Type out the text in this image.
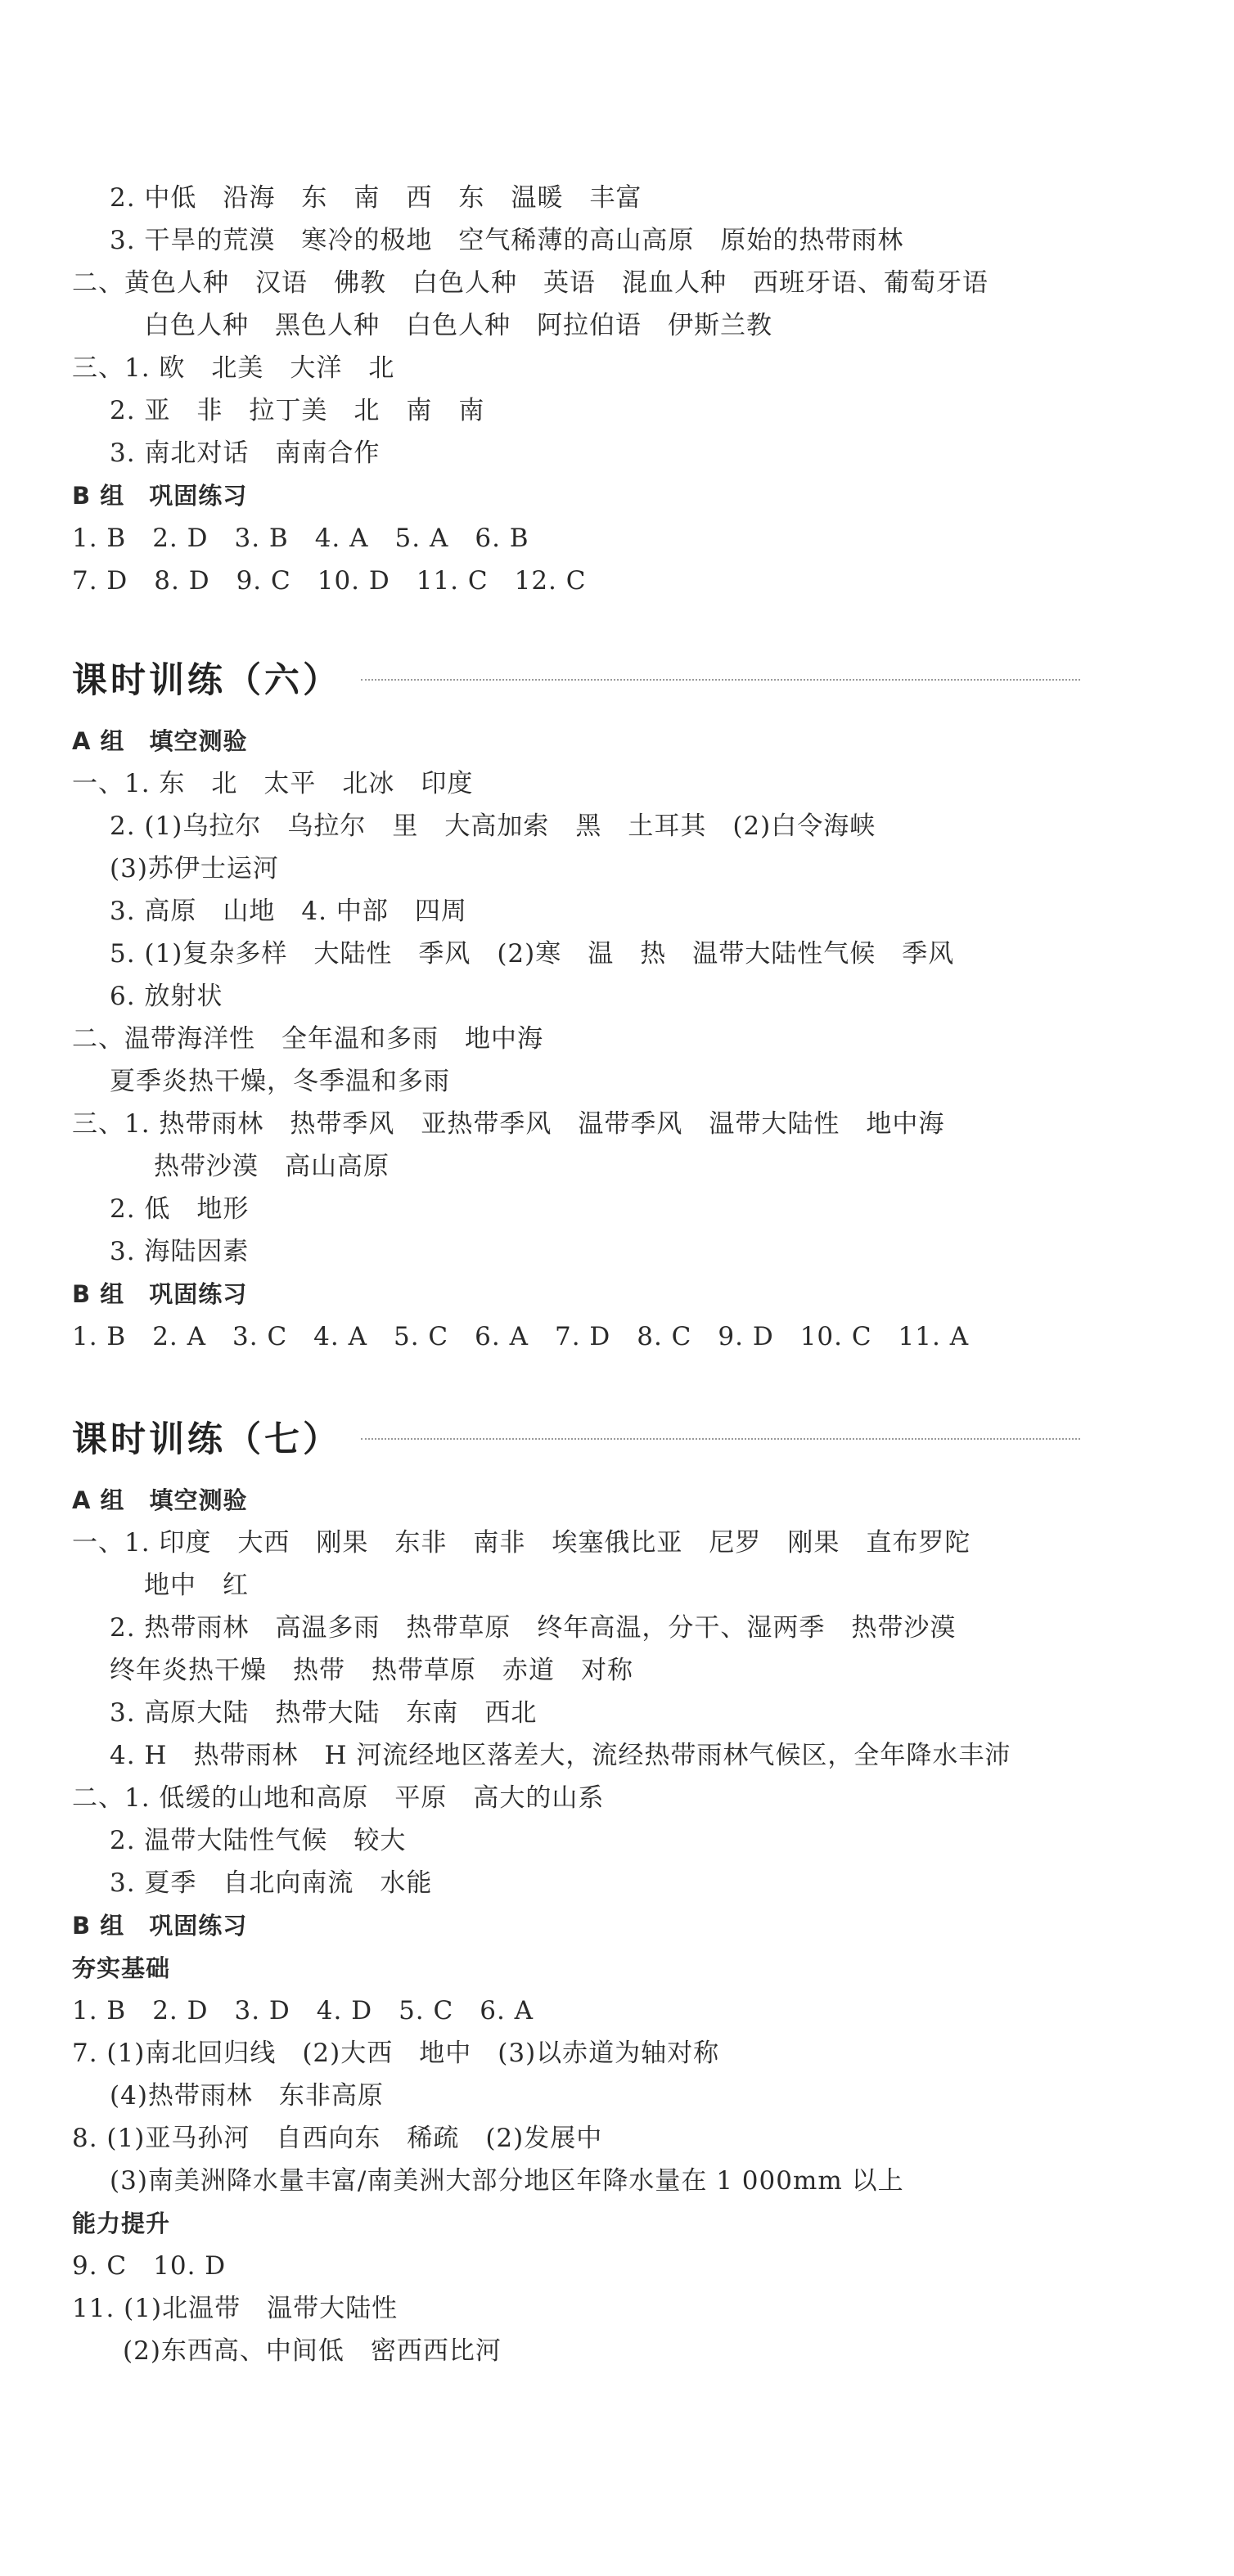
2. 中低　沿海　东　南　西　东　温暖　丰富
3. 干旱的荒漠　寒冷的极地　空气稀薄的高山高原　原始的热带雨林
二、黄色人种　汉语　佛教　白色人种　英语　混血人种　西班牙语、葡萄牙语
白色人种　黑色人种　白色人种　阿拉伯语　伊斯兰教
三、1. 欧　北美　大洋　北
2. 亚　非　拉丁美　北　南　南
3. 南北对话　南南合作
B 组　巩固练习
1. B　2. D　3. B　4. A　5. A　6. B
7. D　8. D　9. C　10. D　11. C　12. C
课时训练（六）
A 组　填空测验
一、1. 东　北　太平　北冰　印度
2. (1)乌拉尔　乌拉尔　里　大高加索　黑　土耳其　(2)白令海峡
(3)苏伊士运河
3. 高原　山地　4. 中部　四周
5. (1)复杂多样　大陆性　季风　(2)寒　温　热　温带大陆性气候　季风
6. 放射状
二、温带海洋性　全年温和多雨　地中海
夏季炎热干燥，冬季温和多雨
三、1. 热带雨林　热带季风　亚热带季风　温带季风　温带大陆性　地中海
热带沙漠　高山高原
2. 低　地形
3. 海陆因素
B 组　巩固练习
1. B　2. A　3. C　4. A　5. C　6. A　7. D　8. C　9. D　10. C　11. A
课时训练（七）
A 组　填空测验
一、1. 印度　大西　刚果　东非　南非　埃塞俄比亚　尼罗　刚果　直布罗陀
地中　红
2. 热带雨林　高温多雨　热带草原　终年高温，分干、湿两季　热带沙漠
终年炎热干燥　热带　热带草原　赤道　对称
3. 高原大陆　热带大陆　东南　西北
4. H　热带雨林　H 河流经地区落差大，流经热带雨林气候区，全年降水丰沛
二、1. 低缓的山地和高原　平原　高大的山系
2. 温带大陆性气候　较大
3. 夏季　自北向南流　水能
B 组　巩固练习
夯实基础
1. B　2. D　3. D　4. D　5. C　6. A
7. (1)南北回归线　(2)大西　地中　(3)以赤道为轴对称
(4)热带雨林　东非高原
8. (1)亚马孙河　自西向东　稀疏　(2)发展中
(3)南美洲降水量丰富/南美洲大部分地区年降水量在 1 000mm 以上
能力提升
9. C　10. D
11. (1)北温带　温带大陆性
(2)东西高、中间低　密西西比河
